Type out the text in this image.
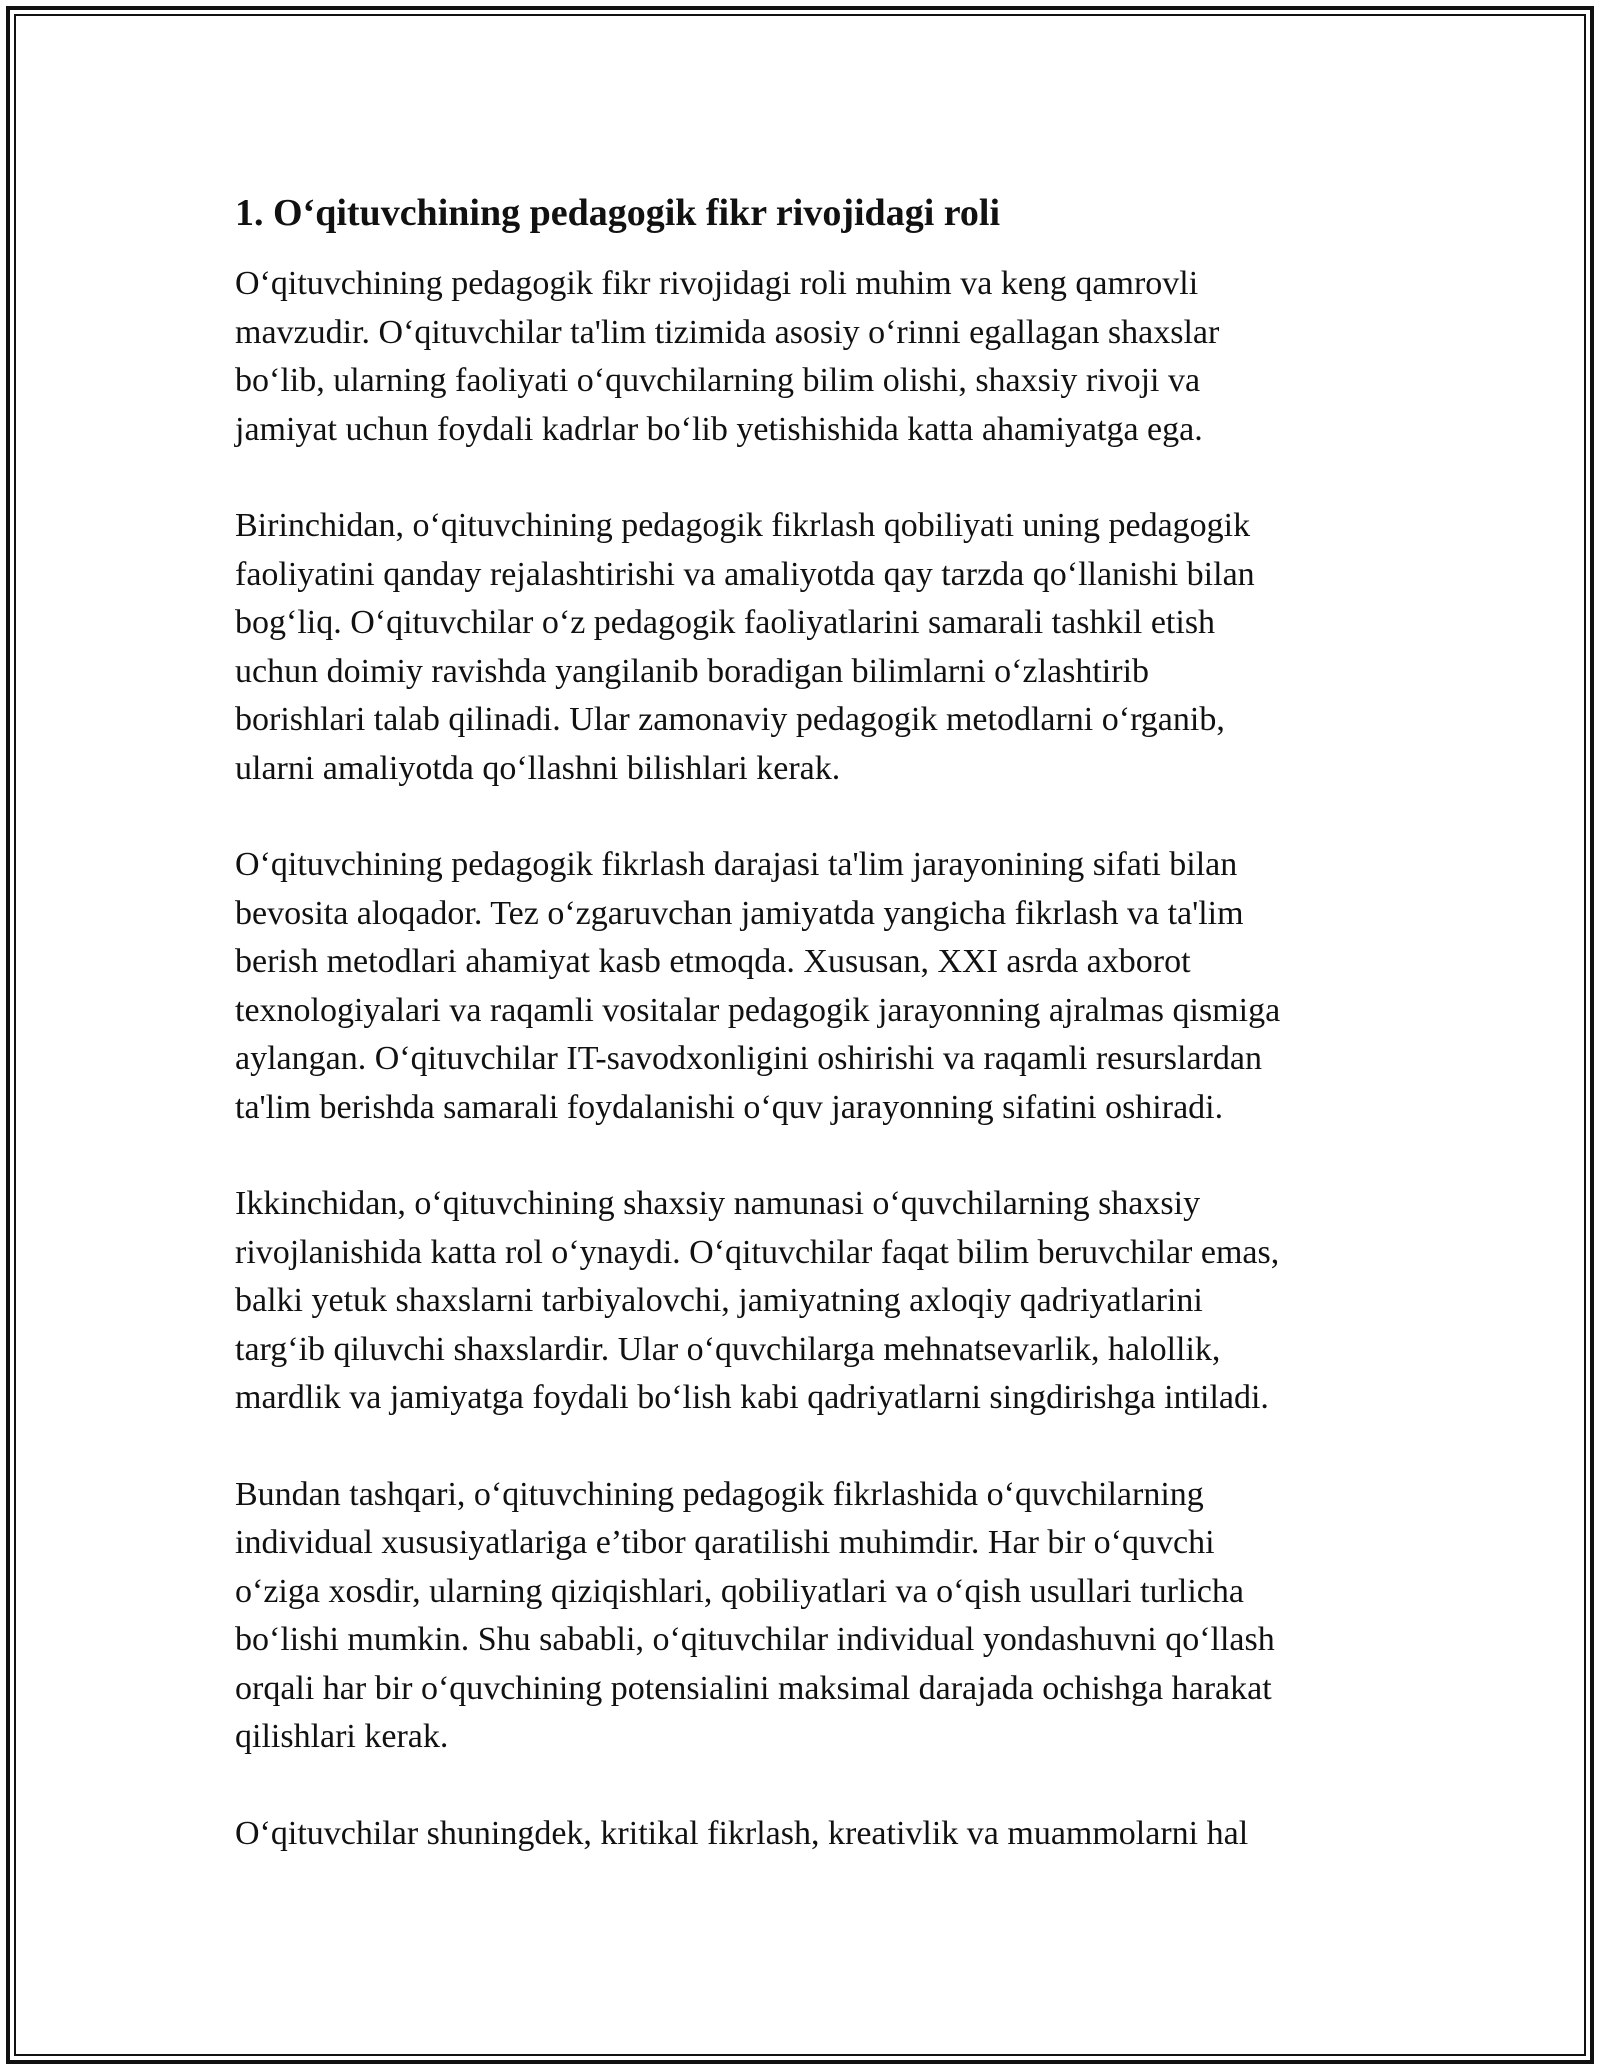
1. Oʻqituvchining pedagogik fikr rivojidagi roli

Oʻqituvchining pedagogik fikr rivojidagi roli muhim va keng qamrovli
mavzudir. Oʻqituvchilar ta'lim tizimida asosiy oʻrinni egallagan shaxslar
boʻlib, ularning faoliyati oʻquvchilarning bilim olishi, shaxsiy rivoji va
jamiyat uchun foydali kadrlar boʻlib yetishishida katta ahamiyatga ega.

Birinchidan, oʻqituvchining pedagogik fikrlash qobiliyati uning pedagogik
faoliyatini qanday rejalashtirishi va amaliyotda qay tarzda qoʻllanishi bilan
bogʻliq. Oʻqituvchilar oʻz pedagogik faoliyatlarini samarali tashkil etish
uchun doimiy ravishda yangilanib boradigan bilimlarni oʻzlashtirib
borishlari talab qilinadi. Ular zamonaviy pedagogik metodlarni oʻrganib,
ularni amaliyotda qoʻllashni bilishlari kerak.

Oʻqituvchining pedagogik fikrlash darajasi ta'lim jarayonining sifati bilan
bevosita aloqador. Tez oʻzgaruvchan jamiyatda yangicha fikrlash va ta'lim
berish metodlari ahamiyat kasb etmoqda. Xususan, XXI asrda axborot
texnologiyalari va raqamli vositalar pedagogik jarayonning ajralmas qismiga
aylangan. Oʻqituvchilar IT-savodxonligini oshirishi va raqamli resurslardan
ta'lim berishda samarali foydalanishi oʻquv jarayonning sifatini oshiradi.

Ikkinchidan, oʻqituvchining shaxsiy namunasi oʻquvchilarning shaxsiy
rivojlanishida katta rol oʻynaydi. Oʻqituvchilar faqat bilim beruvchilar emas,
balki yetuk shaxslarni tarbiyalovchi, jamiyatning axloqiy qadriyatlarini
targʻib qiluvchi shaxslardir. Ular oʻquvchilarga mehnatsevarlik, halollik,
mardlik va jamiyatga foydali boʻlish kabi qadriyatlarni singdirishga intiladi.

Bundan tashqari, oʻqituvchining pedagogik fikrlashida oʻquvchilarning
individual xususiyatlariga e’tibor qaratilishi muhimdir. Har bir oʻquvchi
oʻziga xosdir, ularning qiziqishlari, qobiliyatlari va oʻqish usullari turlicha
boʻlishi mumkin. Shu sababli, oʻqituvchilar individual yondashuvni qoʻllash
orqali har bir oʻquvchining potensialini maksimal darajada ochishga harakat
qilishlari kerak.

Oʻqituvchilar shuningdek, kritikal fikrlash, kreativlik va muammolarni hal
